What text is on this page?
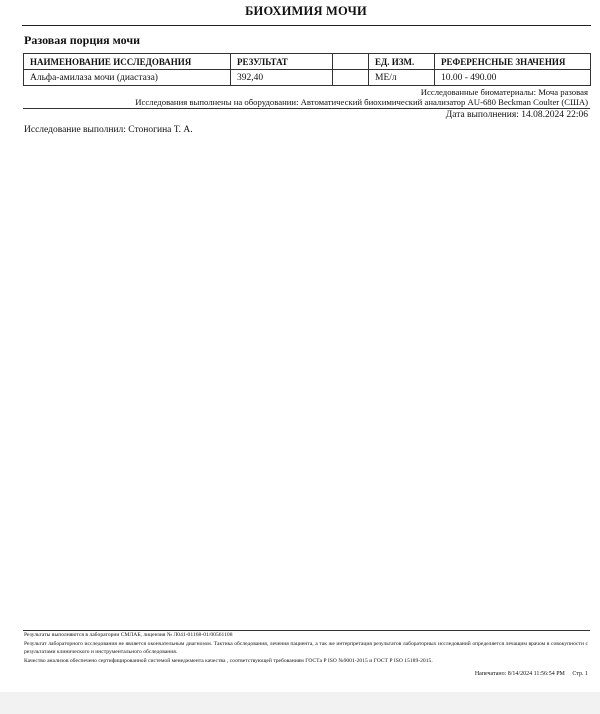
БИОХИМИЯ МОЧИ
Разовая порция мочи
НАИМЕНОВАНИЕ ИССЛЕДОВАНИЯ	РЕЗУЛЬТАТ		ЕД. ИЗМ.	РЕФЕРЕНСНЫЕ ЗНАЧЕНИЯ
Альфа-амилаза мочи (диастаза)	392,40		МЕ/л	10.00 - 490.00
Исследованные биоматериалы: Моча разовая
Исследования выполнены на оборудовании: Автоматический биохимический анализатор AU-680 Beckman Coulter (США)
Дата выполнения: 14.08.2024 22:06
Исследование выполнил: Стоногина Т. А.
Результаты выполняются в лаборатории СМЛАБ, лицензия № Л041-01168-01/00561108
Результат лабораторного исследования не является окончательным диагнозом. Тактика обследования, лечения пациента, а так же интерпретация результатов лабораторных исследований определяется лечащим врачом в совокупности с результатами клинического и инструментального обследования.
Качество анализов обеспечено сертифицированной системой менеджмента качества , соответствующей требованиям ГОСТа Р ISO №9001-2015 и ГОСТ Р ISO 15189-2015.
Напечатано: 8/14/2024 11:56:54 PM Стр. 1
